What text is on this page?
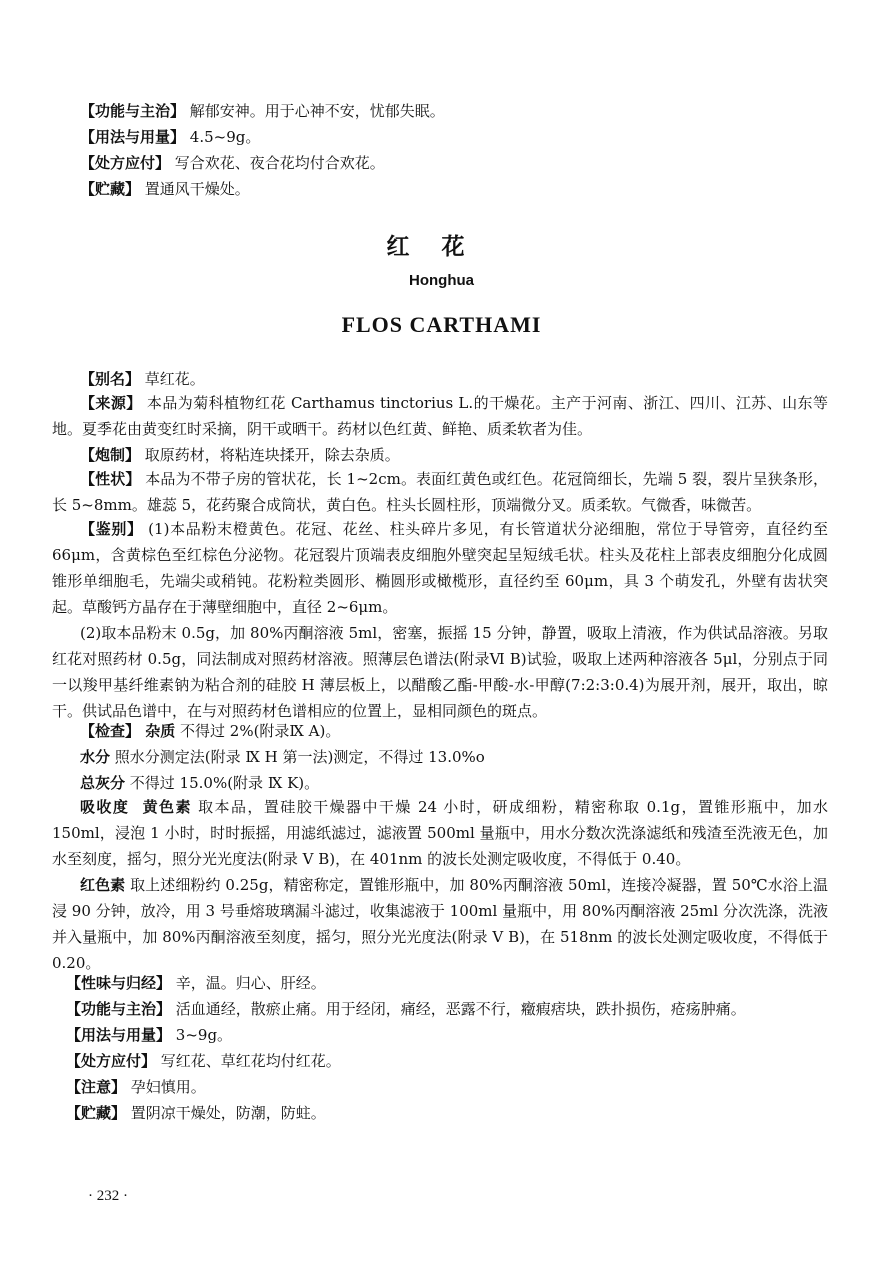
【功能与主治】 解郁安神。用于心神不安，忧郁失眠。
【用法与用量】 4.5~9g。
【处方应付】 写合欢花、夜合花均付合欢花。
【贮藏】 置通风干燥处。
红花
Honghua
FLOS CARTHAMI
【别名】 草红花。
【来源】 本品为菊科植物红花 Carthamus tinctorius L.的干燥花。主产于河南、浙江、四川、江苏、山东等地。夏季花由黄变红时采摘，阴干或晒干。药材以色红黄、鲜艳、质柔软者为佳。
【炮制】 取原药材，将粘连块揉开，除去杂质。
【性状】 本品为不带子房的管状花，长 1~2cm。表面红黄色或红色。花冠筒细长，先端 5 裂，裂片呈狭条形，长 5~8mm。雄蕊 5，花药聚合成筒状，黄白色。柱头长圆柱形，顶端微分叉。质柔软。气微香，味微苦。
【鉴别】 (1)本品粉末橙黄色。花冠、花丝、柱头碎片多见，有长管道状分泌细胞，常位于导管旁，直径约至 66μm，含黄棕色至红棕色分泌物。花冠裂片顶端表皮细胞外壁突起呈短绒毛状。柱头及花柱上部表皮细胞分化成圆锥形单细胞毛，先端尖或稍钝。花粉粒类圆形、椭圆形或橄榄形，直径约至 60μm，具 3 个萌发孔，外壁有齿状突起。草酸钙方晶存在于薄壁细胞中，直径 2~6μm。
(2)取本品粉末 0.5g，加 80%丙酮溶液 5ml，密塞，振摇 15 分钟，静置，吸取上清液，作为供试品溶液。另取红花对照药材 0.5g，同法制成对照药材溶液。照薄层色谱法(附录Ⅵ B)试验，吸取上述两种溶液各 5μl，分别点于同一以羧甲基纤维素钠为粘合剂的硅胶 H 薄层板上，以醋酸乙酯-甲酸-水-甲醇(7:2:3:0.4)为展开剂，展开，取出，晾干。供试品色谱中，在与对照药材色谱相应的位置上，显相同颜色的斑点。
【检查】 杂质 不得过 2%(附录Ⅸ A)。
水分 照水分测定法(附录 Ⅸ H 第一法)测定，不得过 13.0%o
总灰分 不得过 15.0%(附录 Ⅸ K)。
吸收度  黄色素 取本品，置硅胶干燥器中干燥 24 小时，研成细粉，精密称取 0.1g，置锥形瓶中，加水 150ml，浸泡 1 小时，时时振摇，用滤纸滤过，滤液置 500ml 量瓶中，用水分数次洗涤滤纸和残渣至洗液无色，加水至刻度，摇匀，照分光光度法(附录 Ⅴ B)，在 401nm 的波长处测定吸收度，不得低于 0.40。
红色素 取上述细粉约 0.25g，精密称定，置锥形瓶中，加 80%丙酮溶液 50ml，连接冷凝器，置 50℃水浴上温浸 90 分钟，放冷，用 3 号垂熔玻璃漏斗滤过，收集滤液于 100ml 量瓶中，用 80%丙酮溶液 25ml 分次洗涤，洗液并入量瓶中，加 80%丙酮溶液至刻度，摇匀，照分光光度法(附录 Ⅴ B)，在 518nm 的波长处测定吸收度，不得低于 0.20。
【性味与归经】 辛，温。归心、肝经。
【功能与主治】 活血通经，散瘀止痛。用于经闭，痛经，恶露不行，癥瘕痞块，跌扑损伤，疮疡肿痛。
【用法与用量】 3~9g。
【处方应付】 写红花、草红花均付红花。
【注意】 孕妇慎用。
【贮藏】 置阴凉干燥处，防潮，防蛀。
· 232 ·
